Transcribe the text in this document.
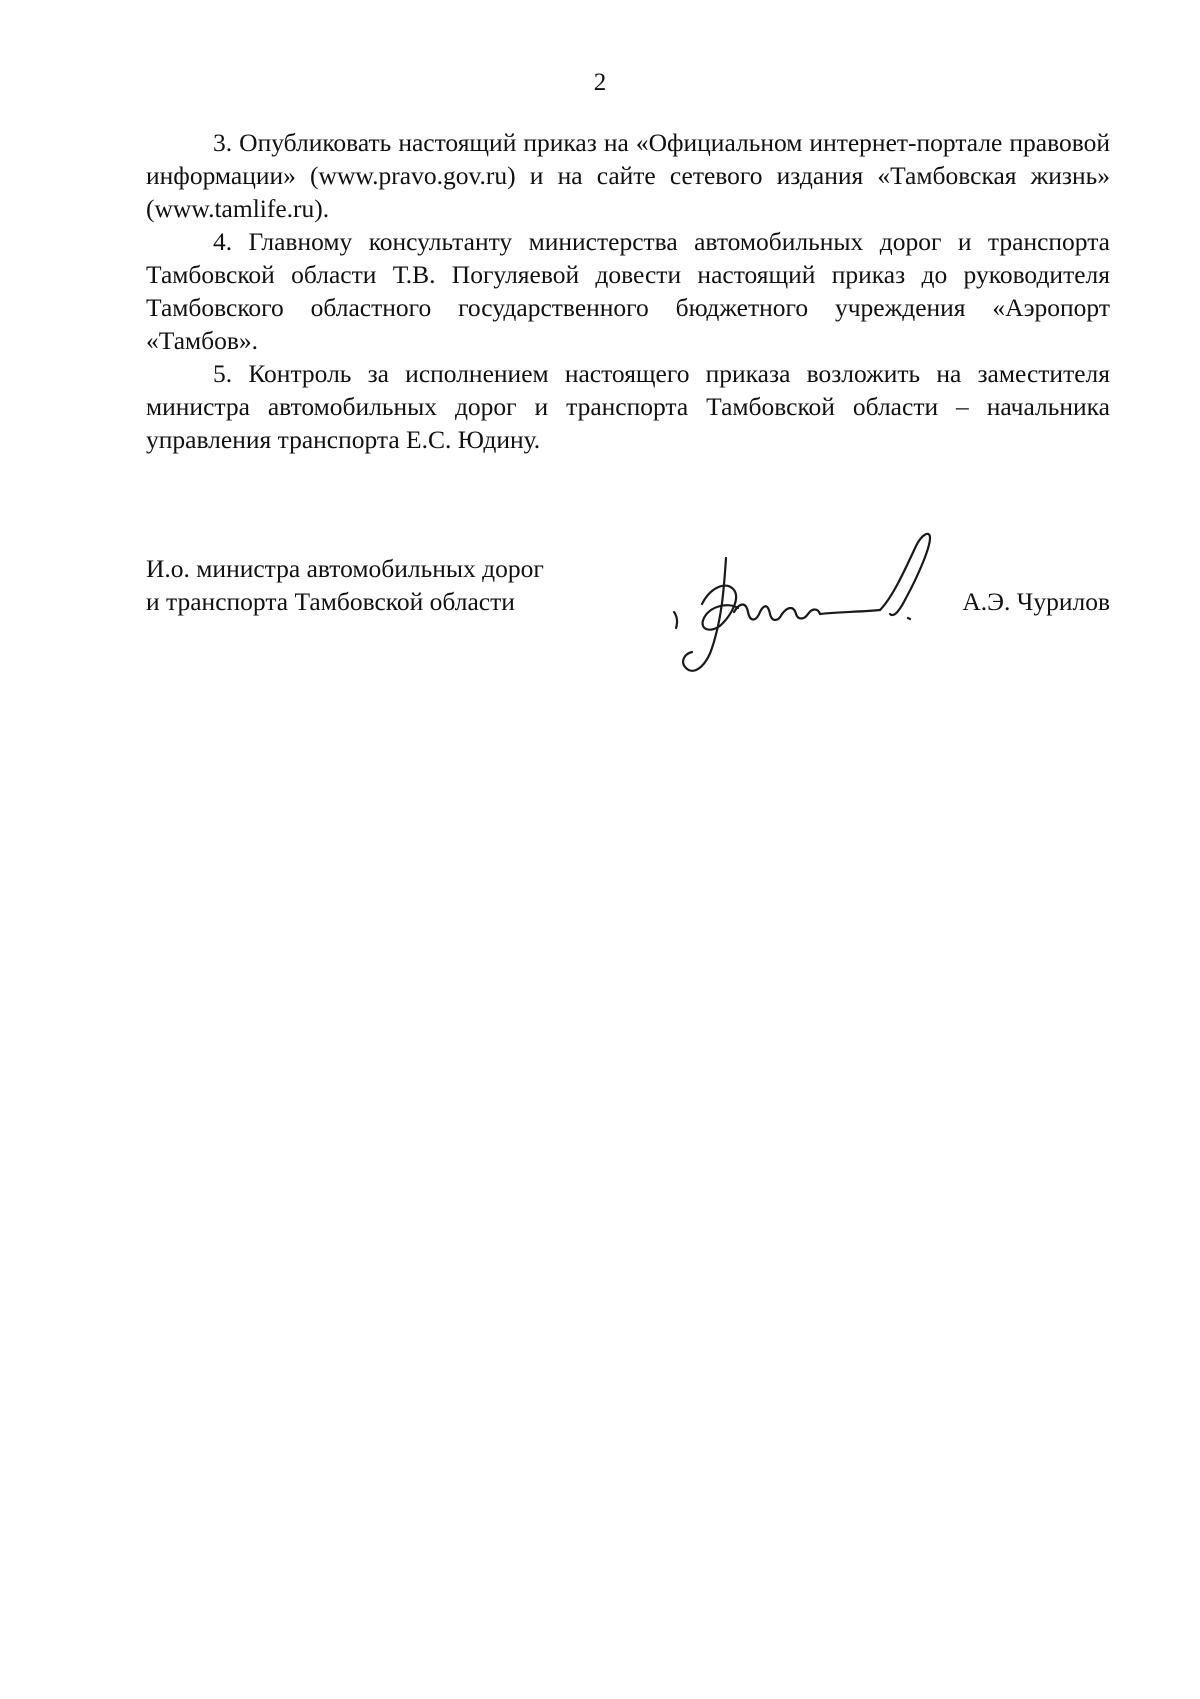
2

3. Опубликовать настоящий приказ на «Официальном интернет-портале правовой информации» (www.pravo.gov.ru) и на сайте сетевого издания «Тамбовская жизнь» (www.tamlife.ru).

4. Главному консультанту министерства автомобильных дорог и транспорта Тамбовской области Т.В. Погуляевой довести настоящий приказ до руководителя Тамбовского областного государственного бюджетного учреждения «Аэропорт «Тамбов».

5. Контроль за исполнением настоящего приказа возложить на заместителя министра автомобильных дорог и транспорта Тамбовской области – начальника управления транспорта Е.С. Юдину.

И.о. министра автомобильных дорог
и транспорта Тамбовской области	А.Э. Чурилов
